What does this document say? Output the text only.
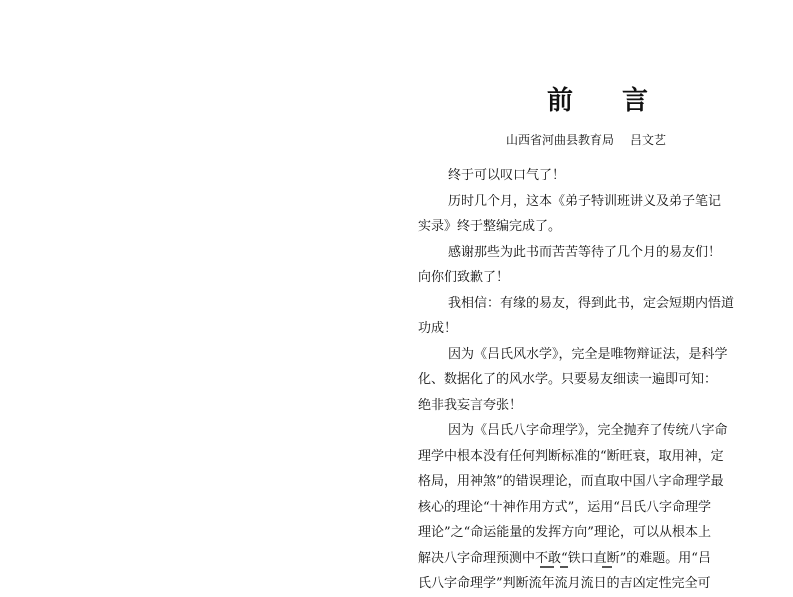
前 言
山西省河曲县教育局 吕文艺
终于可以叹口气了！
历时几个月，这本《弟子特训班讲义及弟子笔记
实录》终于整编完成了。
感谢那些为此书而苦苦等待了几个月的易友们！
向你们致歉了！
我相信：有缘的易友，得到此书，定会短期内悟道
功成！
因为《吕氏风水学》，完全是唯物辩证法，是科学
化、数据化了的风水学。只要易友细读一遍即可知：
绝非我妄言夸张！
因为《吕氏八字命理学》，完全抛弃了传统八字命
理学中根本没有任何判断标准的“断旺衰，取用神，定
格局，用神煞”的错误理论，而直取中国八字命理学最
核心的理论“十神作用方式”，运用“吕氏八字命理学
理论”之“命运能量的发挥方向”理论，可以从根本上
解决八字命理预测中不敢“铁口直断”的难题。用“吕
氏八字命理学”判断流年流月流日的吉凶定性完全可
